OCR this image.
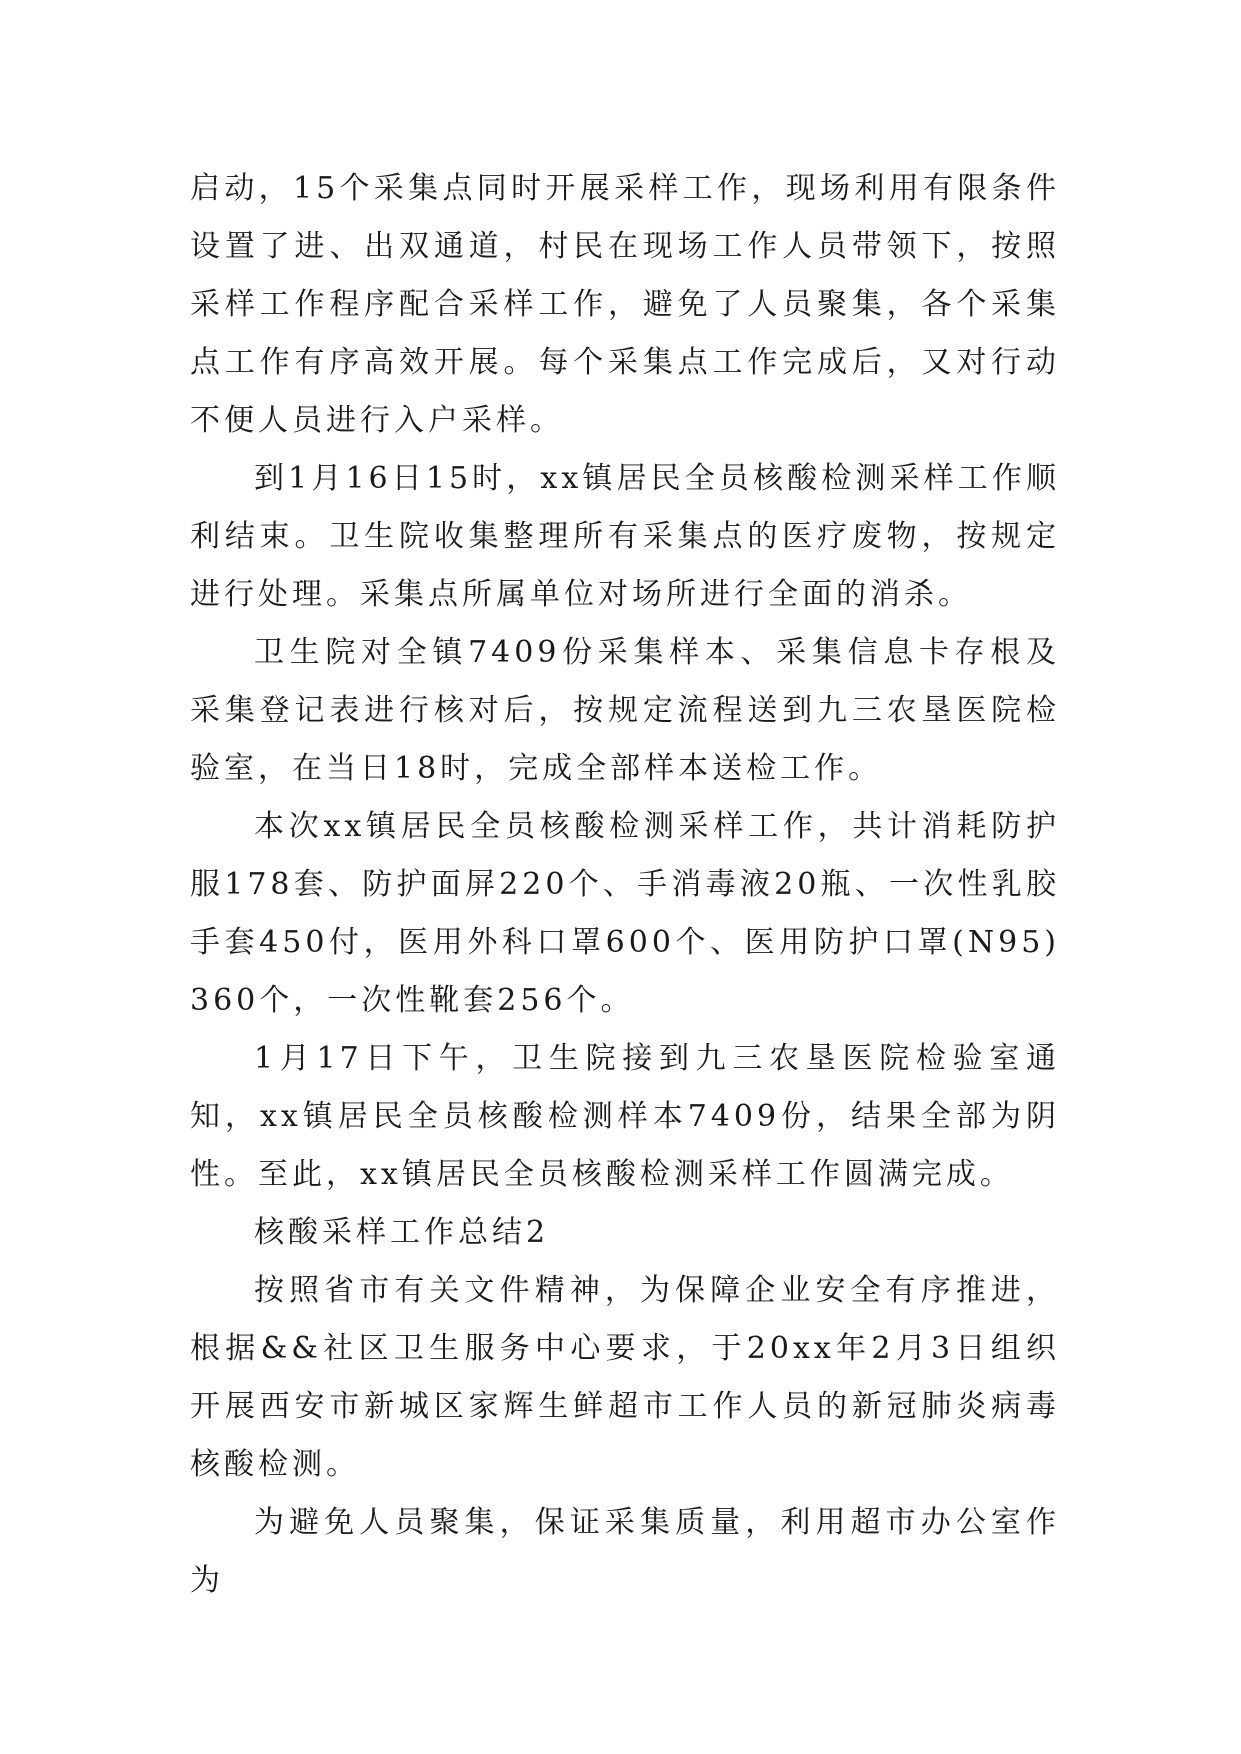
启动，15个采集点同时开展采样工作，现场利用有限条件设置了进、出双通道，村民在现场工作人员带领下，按照采样工作程序配合采样工作，避免了人员聚集，各个采集点工作有序高效开展。每个采集点工作完成后，又对行动不便人员进行入户采样。

到1月16日15时，xx镇居民全员核酸检测采样工作顺利结束。卫生院收集整理所有采集点的医疗废物，按规定进行处理。采集点所属单位对场所进行全面的消杀。

卫生院对全镇7409份采集样本、采集信息卡存根及采集登记表进行核对后，按规定流程送到九三农垦医院检验室，在当日18时，完成全部样本送检工作。

本次xx镇居民全员核酸检测采样工作，共计消耗防护服178套、防护面屏220个、手消毒液20瓶、一次性乳胶手套450付，医用外科口罩600个、医用防护口罩(N95)360个，一次性靴套256个。

1月17日下午，卫生院接到九三农垦医院检验室通知，xx镇居民全员核酸检测样本7409份，结果全部为阴性。至此，xx镇居民全员核酸检测采样工作圆满完成。

核酸采样工作总结2

按照省市有关文件精神，为保障企业安全有序推进，根据&&社区卫生服务中心要求，于20xx年2月3日组织开展西安市新城区家辉生鲜超市工作人员的新冠肺炎病毒核酸检测。

为避免人员聚集，保证采集质量，利用超市办公室作为
